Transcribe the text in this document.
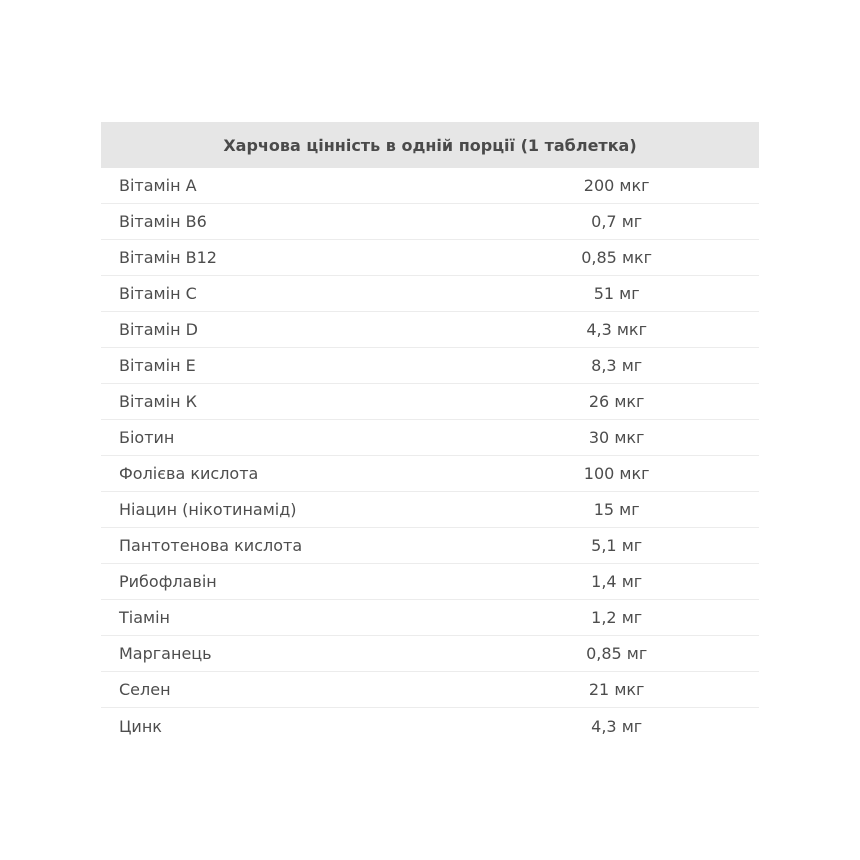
Харчова цінність в одній порції (1 таблетка)
Вітамін А	200 мкг
Вітамін В6	0,7 мг
Вітамін В12	0,85 мкг
Вітамін С	51 мг
Вітамін D	4,3 мкг
Вітамін Е	8,3 мг
Вітамін К	26 мкг
Біотин	30 мкг
Фолієва кислота	100 мкг
Ніацин (нікотинамід)	15 мг
Пантотенова кислота	5,1 мг
Рибофлавін	1,4 мг
Тіамін	1,2 мг
Марганець	0,85 мг
Селен	21 мкг
Цинк	4,3 мг
